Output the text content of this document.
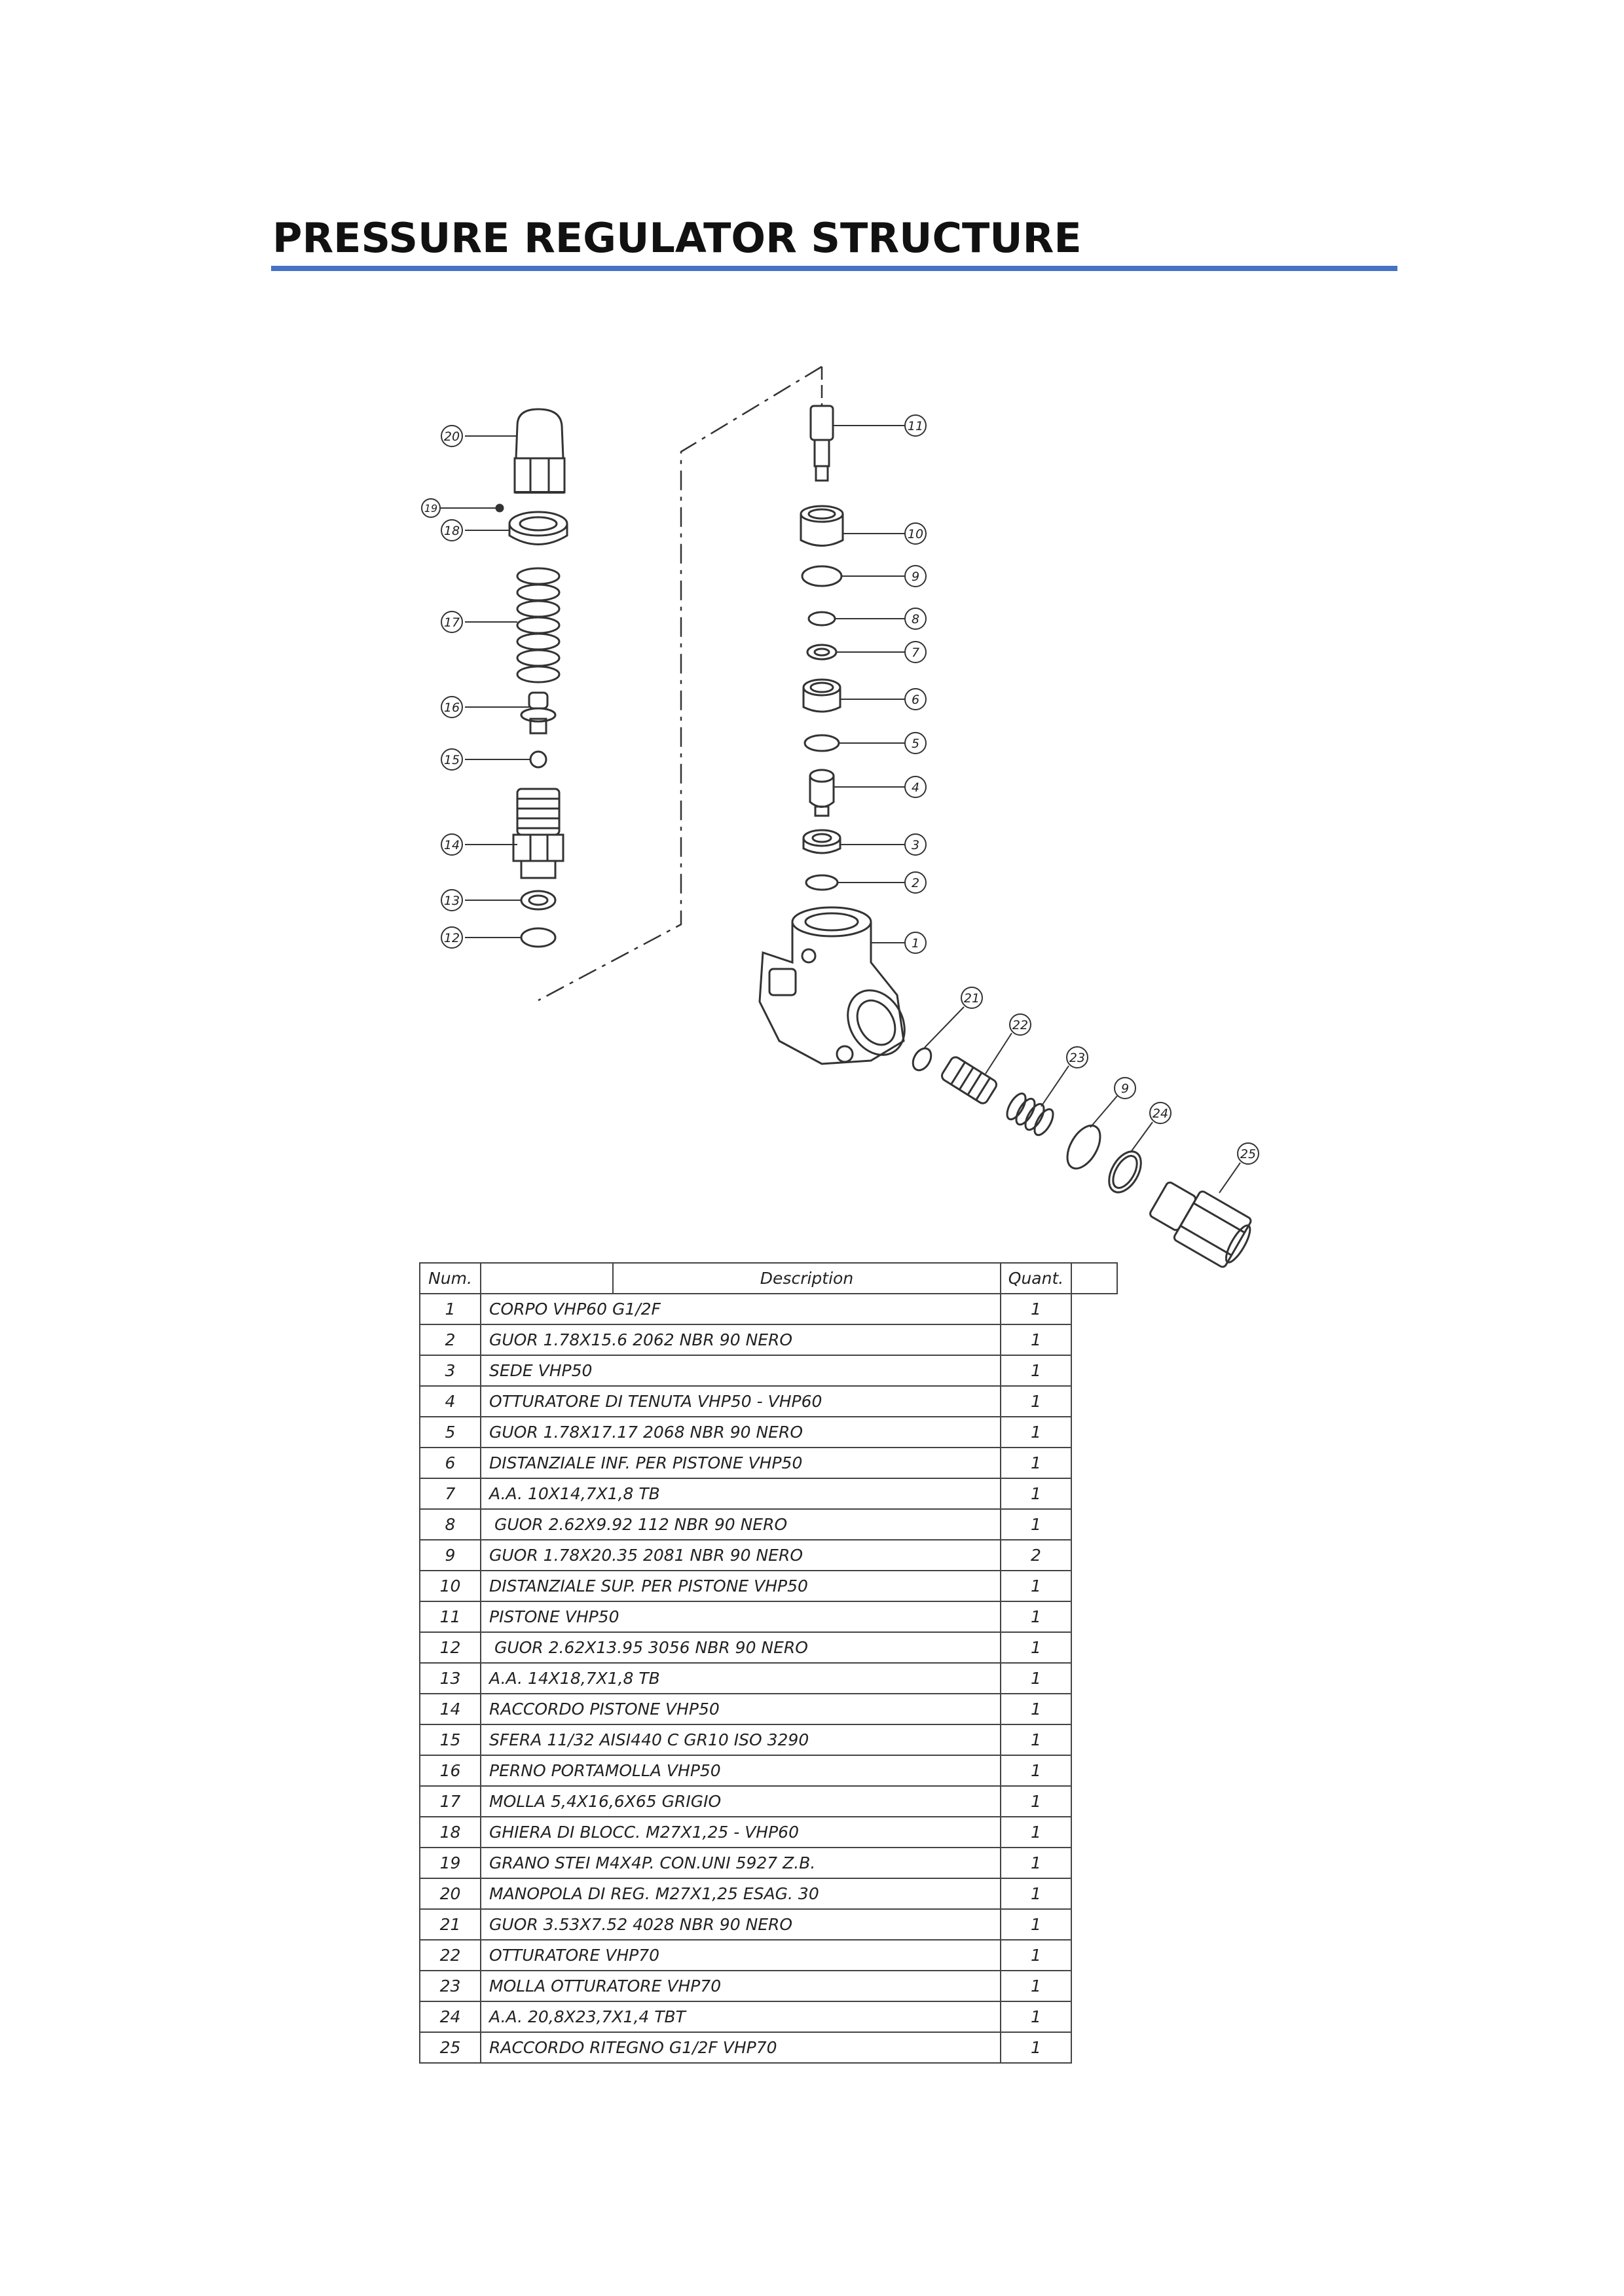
PRESSURE REGULATOR STRUCTURE
20
19
18
17
16
15
14
13
12
11
10
9
8
7
6
5
4
3
2
1
21
22
23
9
24
25
Num.	Description	Quant.	
1	CORPO VHP60 G1/2F	1	
2	GUOR 1.78X15.6 2062 NBR 90 NERO	1	
3	SEDE VHP50	1	
4	OTTURATORE DI TENUTA VHP50 - VHP60	1	
5	GUOR 1.78X17.17 2068 NBR 90 NERO	1	
6	DISTANZIALE INF. PER PISTONE VHP50	1	
7	A.A. 10X14,7X1,8 TB	1	
8	GUOR 2.62X9.92 112 NBR 90 NERO	1	
9	GUOR 1.78X20.35 2081 NBR 90 NERO	2	
10	DISTANZIALE SUP. PER PISTONE VHP50	1	
11	PISTONE VHP50	1	
12	GUOR 2.62X13.95 3056 NBR 90 NERO	1	
13	A.A. 14X18,7X1,8 TB	1	
14	RACCORDO PISTONE VHP50	1	
15	SFERA 11/32 AISI440 C GR10 ISO 3290	1	
16	PERNO PORTAMOLLA VHP50	1	
17	MOLLA 5,4X16,6X65 GRIGIO	1	
18	GHIERA DI BLOCC. M27X1,25 - VHP60	1	
19	GRANO STEI M4X4P. CON.UNI 5927 Z.B.	1	
20	MANOPOLA DI REG. M27X1,25 ESAG. 30	1	
21	GUOR 3.53X7.52 4028 NBR 90 NERO	1	
22	OTTURATORE VHP70	1	
23	MOLLA OTTURATORE VHP70	1	
24	A.A. 20,8X23,7X1,4 TBT	1	
25	RACCORDO RITEGNO G1/2F VHP70	1	
